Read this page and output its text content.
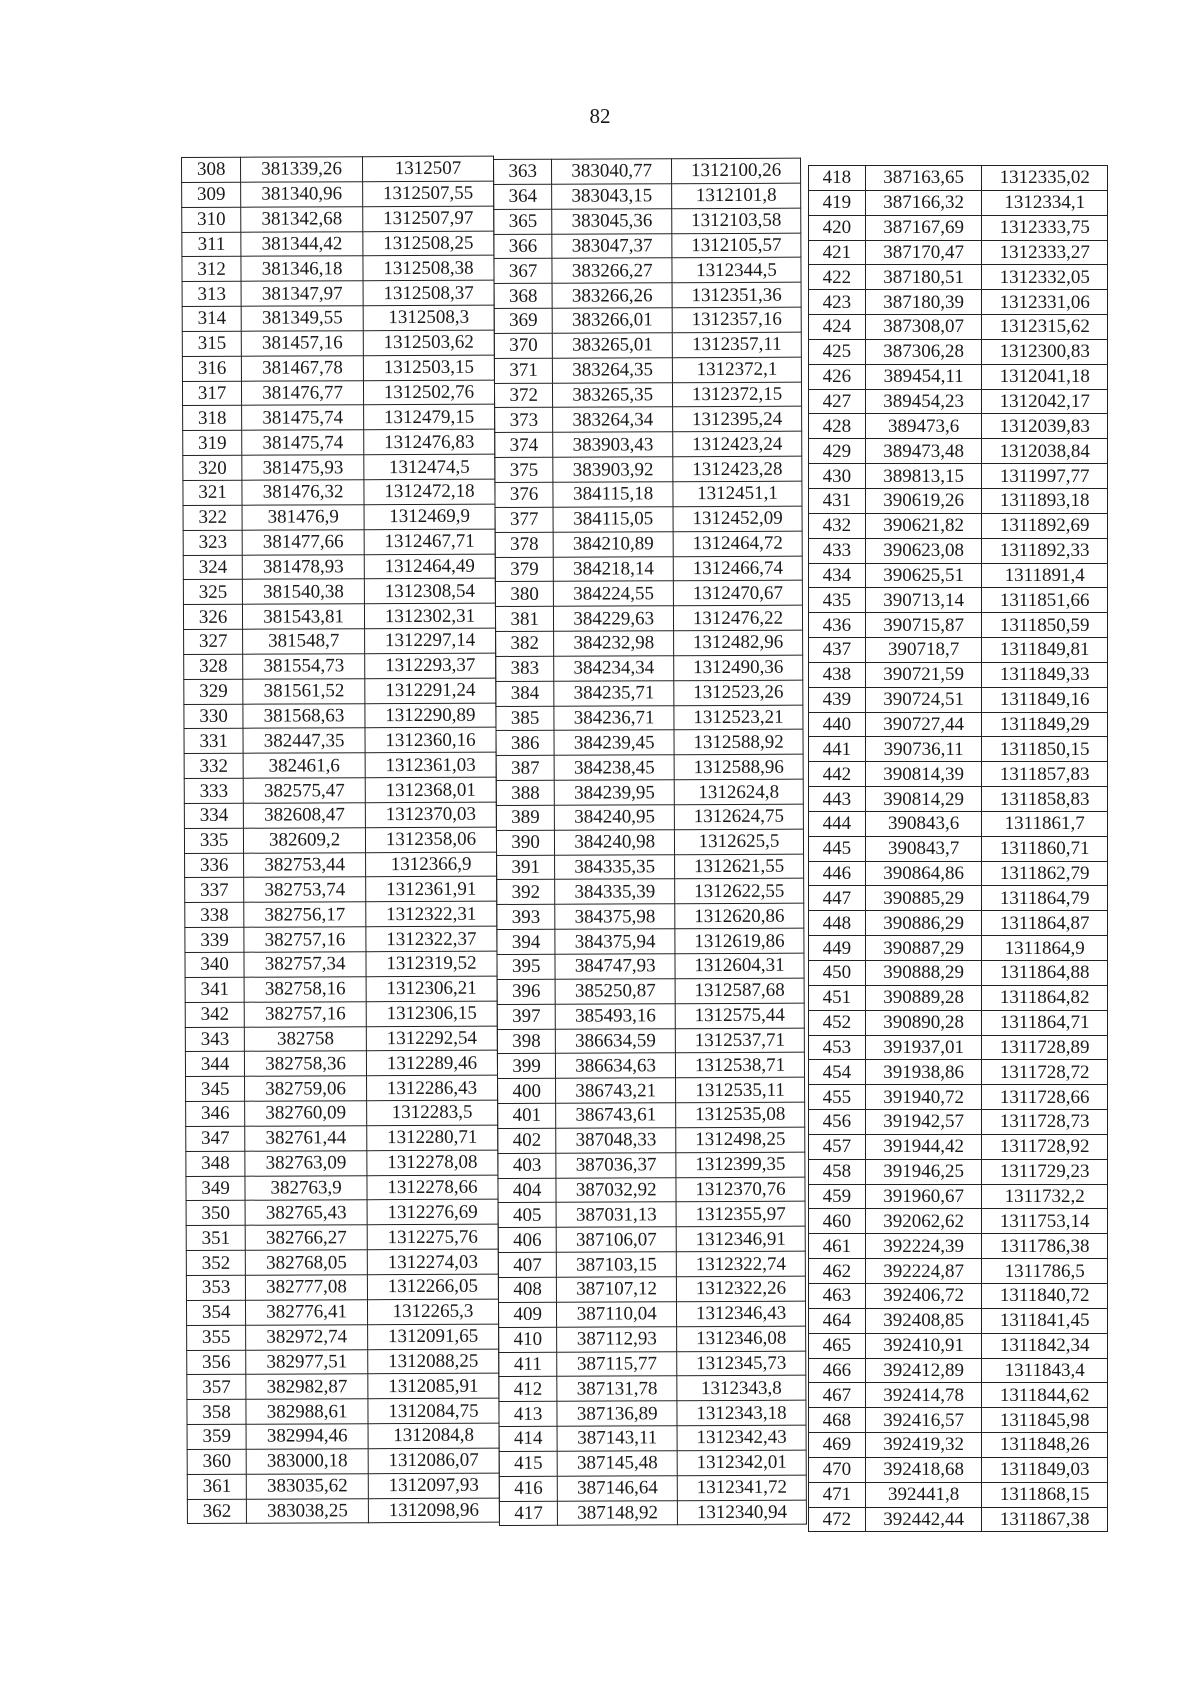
82
308	381339,26	1312507
309	381340,96	1312507,55
310	381342,68	1312507,97
311	381344,42	1312508,25
312	381346,18	1312508,38
313	381347,97	1312508,37
314	381349,55	1312508,3
315	381457,16	1312503,62
316	381467,78	1312503,15
317	381476,77	1312502,76
318	381475,74	1312479,15
319	381475,74	1312476,83
320	381475,93	1312474,5
321	381476,32	1312472,18
322	381476,9	1312469,9
323	381477,66	1312467,71
324	381478,93	1312464,49
325	381540,38	1312308,54
326	381543,81	1312302,31
327	381548,7	1312297,14
328	381554,73	1312293,37
329	381561,52	1312291,24
330	381568,63	1312290,89
331	382447,35	1312360,16
332	382461,6	1312361,03
333	382575,47	1312368,01
334	382608,47	1312370,03
335	382609,2	1312358,06
336	382753,44	1312366,9
337	382753,74	1312361,91
338	382756,17	1312322,31
339	382757,16	1312322,37
340	382757,34	1312319,52
341	382758,16	1312306,21
342	382757,16	1312306,15
343	382758	1312292,54
344	382758,36	1312289,46
345	382759,06	1312286,43
346	382760,09	1312283,5
347	382761,44	1312280,71
348	382763,09	1312278,08
349	382763,9	1312278,66
350	382765,43	1312276,69
351	382766,27	1312275,76
352	382768,05	1312274,03
353	382777,08	1312266,05
354	382776,41	1312265,3
355	382972,74	1312091,65
356	382977,51	1312088,25
357	382982,87	1312085,91
358	382988,61	1312084,75
359	382994,46	1312084,8
360	383000,18	1312086,07
361	383035,62	1312097,93
362	383038,25	1312098,96
363	383040,77	1312100,26
364	383043,15	1312101,8
365	383045,36	1312103,58
366	383047,37	1312105,57
367	383266,27	1312344,5
368	383266,26	1312351,36
369	383266,01	1312357,16
370	383265,01	1312357,11
371	383264,35	1312372,1
372	383265,35	1312372,15
373	383264,34	1312395,24
374	383903,43	1312423,24
375	383903,92	1312423,28
376	384115,18	1312451,1
377	384115,05	1312452,09
378	384210,89	1312464,72
379	384218,14	1312466,74
380	384224,55	1312470,67
381	384229,63	1312476,22
382	384232,98	1312482,96
383	384234,34	1312490,36
384	384235,71	1312523,26
385	384236,71	1312523,21
386	384239,45	1312588,92
387	384238,45	1312588,96
388	384239,95	1312624,8
389	384240,95	1312624,75
390	384240,98	1312625,5
391	384335,35	1312621,55
392	384335,39	1312622,55
393	384375,98	1312620,86
394	384375,94	1312619,86
395	384747,93	1312604,31
396	385250,87	1312587,68
397	385493,16	1312575,44
398	386634,59	1312537,71
399	386634,63	1312538,71
400	386743,21	1312535,11
401	386743,61	1312535,08
402	387048,33	1312498,25
403	387036,37	1312399,35
404	387032,92	1312370,76
405	387031,13	1312355,97
406	387106,07	1312346,91
407	387103,15	1312322,74
408	387107,12	1312322,26
409	387110,04	1312346,43
410	387112,93	1312346,08
411	387115,77	1312345,73
412	387131,78	1312343,8
413	387136,89	1312343,18
414	387143,11	1312342,43
415	387145,48	1312342,01
416	387146,64	1312341,72
417	387148,92	1312340,94
418	387163,65	1312335,02
419	387166,32	1312334,1
420	387167,69	1312333,75
421	387170,47	1312333,27
422	387180,51	1312332,05
423	387180,39	1312331,06
424	387308,07	1312315,62
425	387306,28	1312300,83
426	389454,11	1312041,18
427	389454,23	1312042,17
428	389473,6	1312039,83
429	389473,48	1312038,84
430	389813,15	1311997,77
431	390619,26	1311893,18
432	390621,82	1311892,69
433	390623,08	1311892,33
434	390625,51	1311891,4
435	390713,14	1311851,66
436	390715,87	1311850,59
437	390718,7	1311849,81
438	390721,59	1311849,33
439	390724,51	1311849,16
440	390727,44	1311849,29
441	390736,11	1311850,15
442	390814,39	1311857,83
443	390814,29	1311858,83
444	390843,6	1311861,7
445	390843,7	1311860,71
446	390864,86	1311862,79
447	390885,29	1311864,79
448	390886,29	1311864,87
449	390887,29	1311864,9
450	390888,29	1311864,88
451	390889,28	1311864,82
452	390890,28	1311864,71
453	391937,01	1311728,89
454	391938,86	1311728,72
455	391940,72	1311728,66
456	391942,57	1311728,73
457	391944,42	1311728,92
458	391946,25	1311729,23
459	391960,67	1311732,2
460	392062,62	1311753,14
461	392224,39	1311786,38
462	392224,87	1311786,5
463	392406,72	1311840,72
464	392408,85	1311841,45
465	392410,91	1311842,34
466	392412,89	1311843,4
467	392414,78	1311844,62
468	392416,57	1311845,98
469	392419,32	1311848,26
470	392418,68	1311849,03
471	392441,8	1311868,15
472	392442,44	1311867,38
